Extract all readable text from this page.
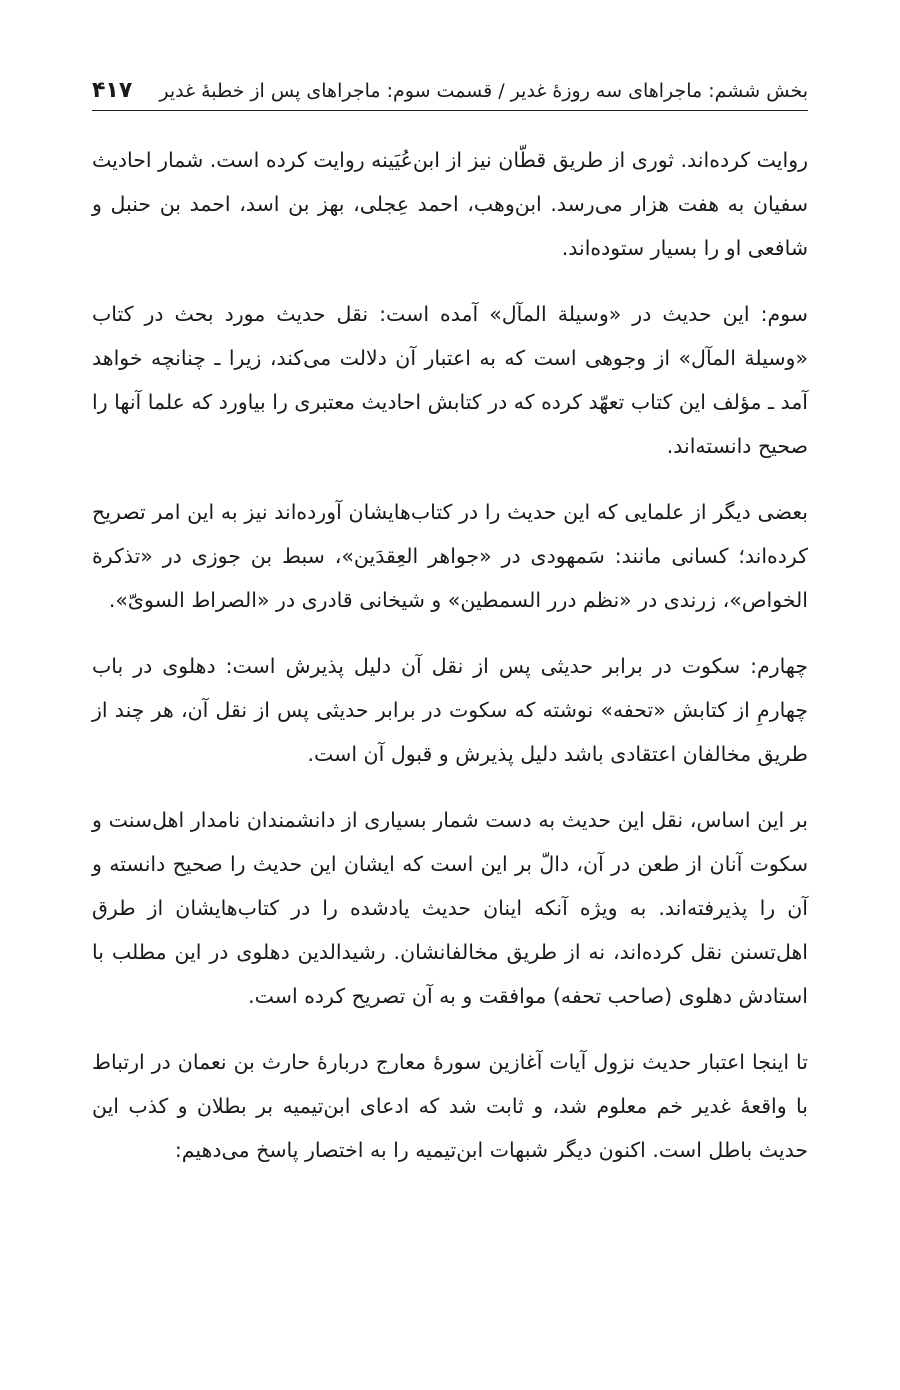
بخش ششم: ماجراهای سه روزهٔ غدیر / قسمت سوم: ماجراهای پس از خطبهٔ غدیر
۴۱۷

روایت کرده‌اند. ثوری از طریق قطّان نیز از ابن‌عُیَینه روایت کرده است. شمار احادیث سفیان به هفت هزار می‌رسد. ابن‌وهب، احمد عِجلی، بهز بن اسد، احمد بن حنبل و شافعی او را بسیار ستوده‌اند.

سوم: این حدیث در «وسیلة المآل» آمده است: نقل حدیث مورد بحث در کتاب «وسیلة المآل» از وجوهی است که به اعتبار آن دلالت می‌کند، زیرا ـ چنانچه خواهد آمد ـ مؤلف این کتاب تعهّد کرده که در کتابش احادیث معتبری را بیاورد که علما آنها را صحیح دانسته‌اند.

بعضی دیگر از علمایی که این حدیث را در کتاب‌هایشان آورده‌اند نیز به این امر تصریح کرده‌اند؛ کسانی مانند: سَمهودی در «جواهر العِقدَین»، سبط بن جوزی در «تذکرة الخواص»، زرندی در «نظم درر السمطین» و شیخانی قادری در «الصراط السویّ».

چهارم: سکوت در برابر حدیثی پس از نقل آن دلیل پذیرش است: دهلوی در باب چهارمِ از کتابش «تحفه» نوشته که سکوت در برابر حدیثی پس از نقل آن، هر چند از طریق مخالفان اعتقادی باشد دلیل پذیرش و قبول آن است.

بر این اساس، نقل این حدیث به دست شمار بسیاری از دانشمندان نامدار اهل‌سنت و سکوت آنان از طعن در آن، دالّ بر این است که ایشان این حدیث را صحیح دانسته و آن را پذیرفته‌اند. به ویژه آنکه اینان حدیث یادشده را در کتاب‌هایشان از طرق اهل‌تسنن نقل کرده‌اند، نه از طریق مخالفانشان. رشیدالدین دهلوی در این مطلب با استادش دهلوی (صاحب تحفه) موافقت و به آن تصریح کرده است.

تا اینجا اعتبار حدیث نزول آیات آغازین سورهٔ معارج دربارهٔ حارث بن نعمان در ارتباط با واقعهٔ غدیر خم معلوم شد، و ثابت شد که ادعای ابن‌تیمیه بر بطلان و کذب این حدیث باطل است. اکنون دیگر شبهات ابن‌تیمیه را به اختصار پاسخ می‌دهیم:
